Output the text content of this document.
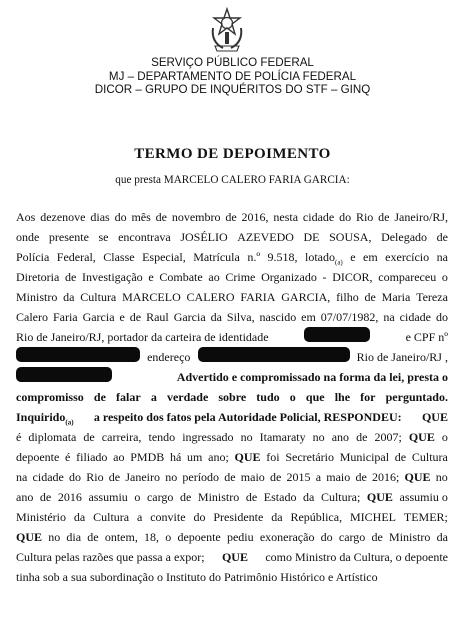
SERVIÇO PÚBLICO FEDERAL
MJ – DEPARTAMENTO DE POLÍCIA FEDERAL
DICOR – GRUPO DE INQUÉRITOS DO STF – GINQ
TERMO DE DEPOIMENTO
que presta MARCELO CALERO FARIA GARCIA:
Aos dezenove dias do mês de novembro de 2016, nesta cidade do Rio de Janeiro/RJ,
onde presente se encontrava JOSÉLIO AZEVEDO DE SOUSA, Delegado de
Polícia Federal, Classe Especial, Matrícula n.º 9.518, lotado$_{(a)}$ e em exercício na
Diretoria de Investigação e Combate ao Crime Organizado - DICOR, compareceu o
Ministro da Cultura MARCELO CALERO FARIA GARCIA, filho de Maria Tereza
Calero Faria Garcia e de Raul Garcia da Silva, nascido em 07/07/1982, na cidade do
Rio de Janeiro/RJ, portador da carteira de identidade	e CPF nº
endereço	Rio de Janeiro/RJ ,
Advertido e compromissado na forma da lei, presta o
compromisso de falar a verdade sobre tudo o que lhe for perguntado.
Inquirido$_{(a)}$ a respeito dos fatos pela Autoridade Policial, RESPONDEU: QUE
é diplomata de carreira, tendo ingressado no Itamaraty no ano de 2007; QUE o
depoente é filiado ao PMDB há um ano; QUE foi Secretário Municipal de Cultura
na cidade do Rio de Janeiro no período de maio de 2015 a maio de 2016; QUE no
ano de 2016 assumiu o cargo de Ministro de Estado da Cultura; QUE assumiu o
Ministério da Cultura a convite do Presidente da República, MICHEL TEMER;
QUE no dia de ontem, 18, o depoente pediu exoneração do cargo de Ministro da
Cultura pelas razões que passa a expor; QUE como Ministro da Cultura, o depoente
tinha sob a sua subordinação o Instituto do Patrimônio Histórico e Artístico
